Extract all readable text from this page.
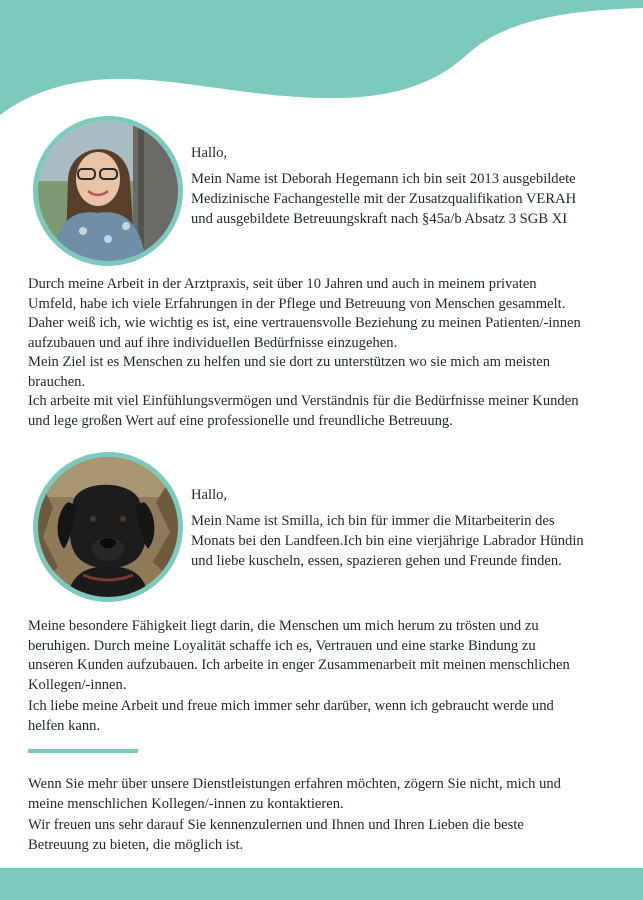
Hallo,

Mein Name ist Deborah Hegemann ich bin seit 2013 ausgebildete

Medizinische Fachangestelle mit der Zusatzqualifikation VERAH

und ausgebildete Betreuungskraft nach §45a/b Absatz 3 SGB XI

Durch meine Arbeit in der Arztpraxis, seit über 10 Jahren und auch in meinem privaten

Umfeld, habe ich viele Erfahrungen in der Pflege und Betreuung von Menschen gesammelt.

Daher weiß ich, wie wichtig es ist, eine vertrauensvolle Beziehung zu meinen Patienten/-innen

aufzubauen und auf ihre individuellen Bedürfnisse einzugehen.

Mein Ziel ist es Menschen zu helfen und sie dort zu unterstützen wo sie mich am meisten

brauchen.

Ich arbeite mit viel Einfühlungsvermögen und Verständnis für die Bedürfnisse meiner Kunden

und lege großen Wert auf eine professionelle und freundliche Betreuung.

Hallo,

Mein Name ist Smilla, ich bin für immer die Mitarbeiterin des

Monats bei den Landfeen.Ich bin eine vierjährige Labrador Hündin

und liebe kuscheln, essen, spazieren gehen und Freunde finden.

Meine besondere Fähigkeit liegt darin, die Menschen um mich herum zu trösten und zu

beruhigen. Durch meine Loyalität schaffe ich es, Vertrauen und eine starke Bindung zu

unseren Kunden aufzubauen. Ich arbeite in enger Zusammenarbeit mit meinen menschlichen

Kollegen/-innen.

Ich liebe meine Arbeit und freue mich immer sehr darüber, wenn ich gebraucht werde und

helfen kann.

Wenn Sie mehr über unsere Dienstleistungen erfahren möchten, zögern Sie nicht, mich und

meine menschlichen Kollegen/-innen zu kontaktieren.

Wir freuen uns sehr darauf Sie kennenzulernen und Ihnen und Ihren Lieben die beste

Betreuung zu bieten, die möglich ist.
